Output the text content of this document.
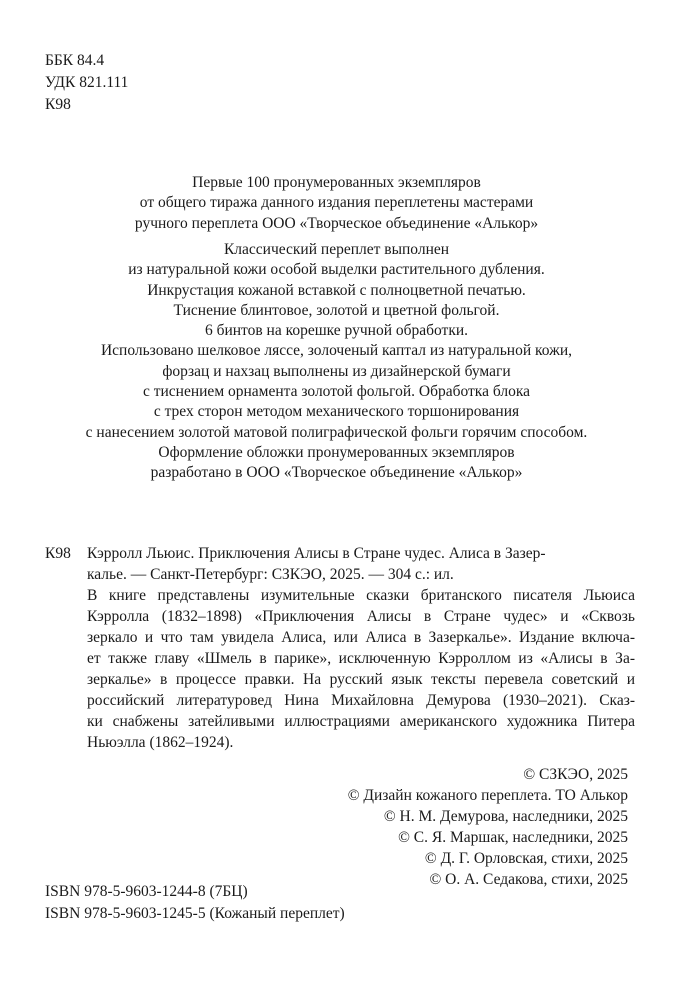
ББК 84.4
УДК 821.111
К98
Первые 100 пронумерованных экземпляров
от общего тиража данного издания переплетены мастерами
ручного переплета ООО «Творческое объединение «Алькор»
Классический переплет выполнен
из натуральной кожи особой выделки растительного дубления.
Инкрустация кожаной вставкой с полноцветной печатью.
Тиснение блинтовое, золотой и цветной фольгой.
6 бинтов на корешке ручной обработки.
Использовано шелковое ляссе, золоченый каптал из натуральной кожи,
форзац и нахзац выполнены из дизайнерской бумаги
с тиснением орнамента золотой фольгой. Обработка блока
с трех сторон методом механического торшонирования
с нанесением золотой матовой полиграфической фольги горячим способом.
Оформление обложки пронумерованных экземпляров
разработано в ООО «Творческое объединение «Алькор»
К98 Кэрролл Льюис. Приключения Алисы в Стране чудес. Алиса в Зазер-
калье. — Санкт-Петербург: СЗКЭО, 2025. — 304 с.: ил.
В книге представлены изумительные сказки британского писателя Льюиса
Кэрролла (1832–1898) «Приключения Алисы в Стране чудес» и «Сквозь
зеркало и что там увидела Алиса, или Алиса в Зазеркалье». Издание включа-
ет также главу «Шмель в парике», исключенную Кэрроллом из «Алисы в За-
зеркалье» в процессе правки. На русский язык тексты перевела советский и
российский литературовед Нина Михайловна Демурова (1930–2021). Сказ-
ки снабжены затейливыми иллюстрациями американского художника Питера
Ньюэлла (1862–1924).
© СЗКЭО, 2025
© Дизайн кожаного переплета. ТО Алькор
© Н. М. Демурова, наследники, 2025
© С. Я. Маршак, наследники, 2025
© Д. Г. Орловская, стихи, 2025
© О. А. Седакова, стихи, 2025
ISBN 978-5-9603-1244-8 (7БЦ)
ISBN 978-5-9603-1245-5 (Кожаный переплет)
